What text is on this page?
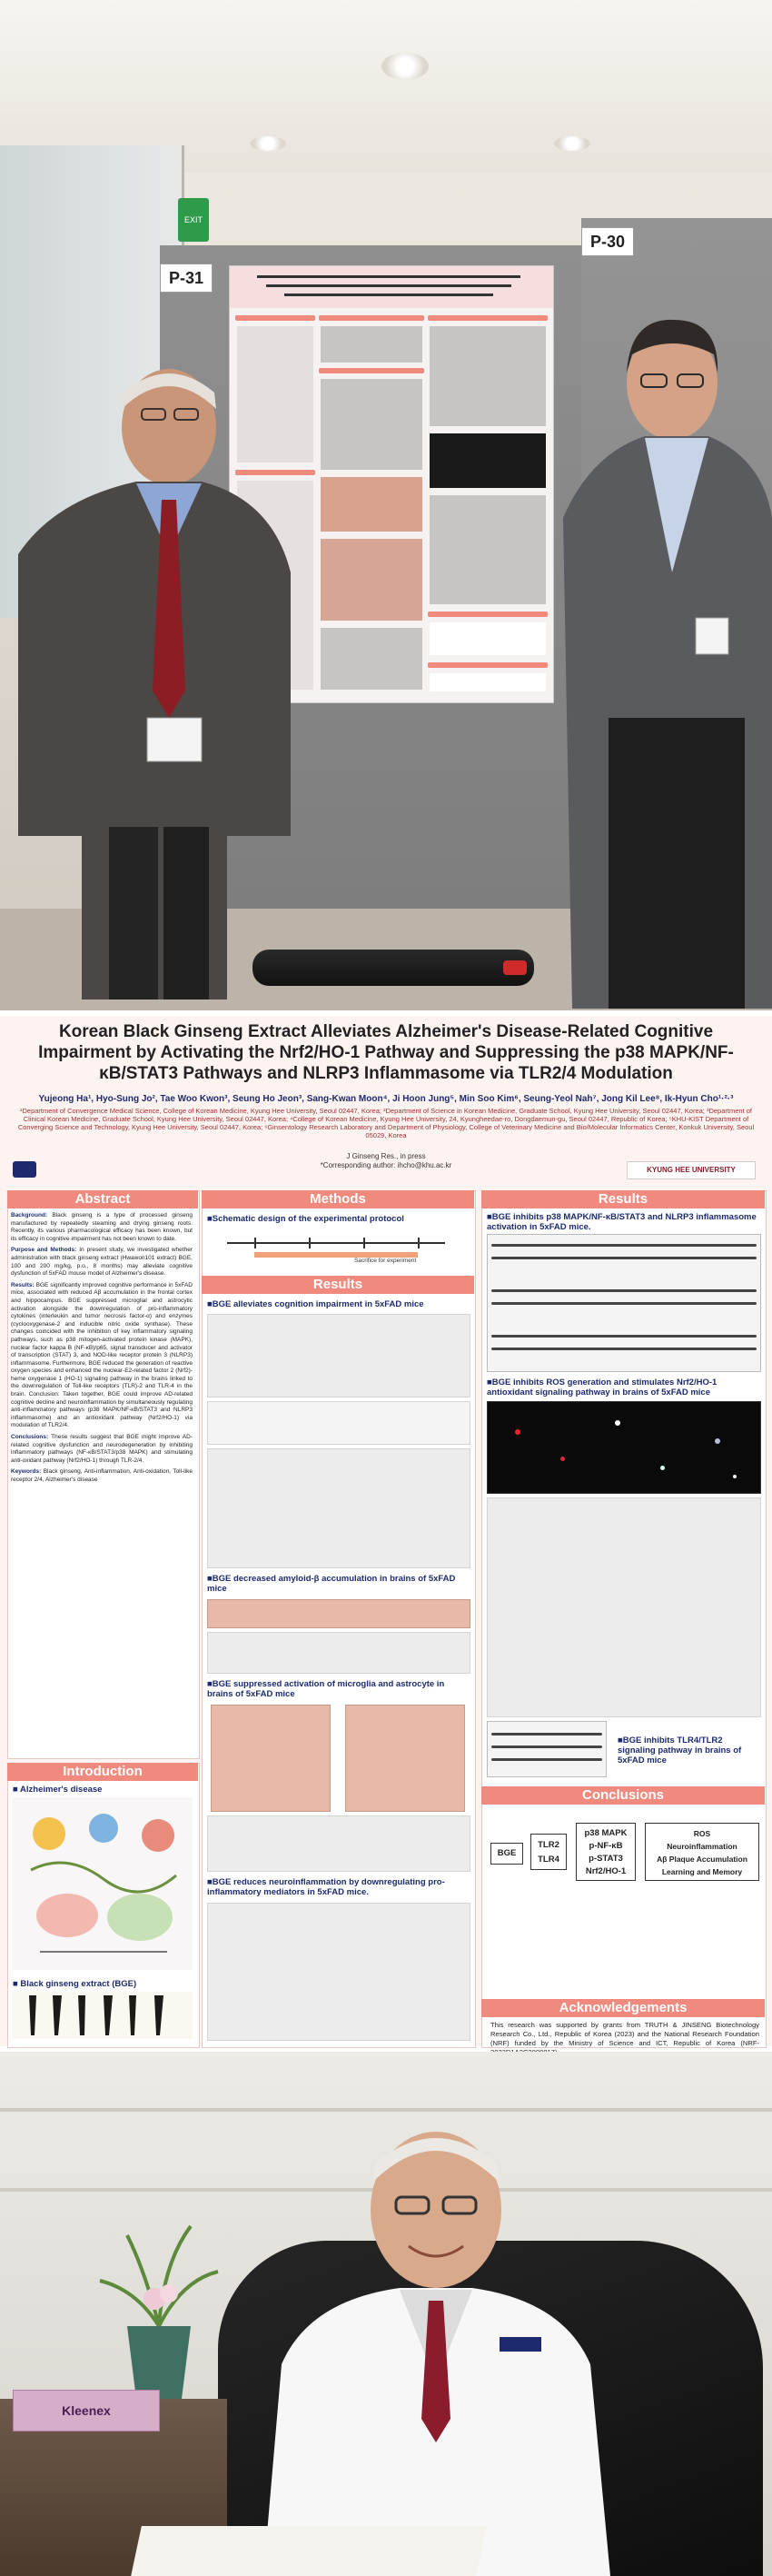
EXIT
P-31
P-30
Korean Black Ginseng Extract Alleviates Alzheimer's Disease-Related Cognitive Impairment by Activating the Nrf2/HO-1 Pathway and Suppressing the p38 MAPK/NF-κB/STAT3 Pathways and NLRP3 Inflammasome via TLR2/4 Modulation
Yujeong Ha¹, Hyo-Sung Jo², Tae Woo Kwon³, Seung Ho Jeon³, Sang-Kwan Moon⁴, Ji Hoon Jung⁵, Min Soo Kim⁶, Seung-Yeol Nah⁷, Jong Kil Lee⁸, Ik-Hyun Cho¹·²·³
¹Department of Convergence Medical Science, College of Korean Medicine, Kyung Hee University, Seoul 02447, Korea; ²Department of Science in Korean Medicine, Graduate School, Kyung Hee University, Seoul 02447, Korea; ³Department of Clinical Korean Medicine, Graduate School, Kyung Hee University, Seoul 02447, Korea; ⁴College of Korean Medicine, Kyung Hee University, 24, Kyungheedae-ro, Dongdaemun-gu, Seoul 02447, Republic of Korea; ⁵KHU-KIST Department of Converging Science and Technology, Kyung Hee University, Seoul 02447, Korea; ⁶Ginsentology Research Laboratory and Department of Physiology, College of Veterinary Medicine and Bio/Molecular Informatics Center, Konkuk University, Seoul 05029, Korea
J Ginseng Res., in press
*Corresponding author: ihcho@khu.ac.kr
KYUNG HEE UNIVERSITY
Abstract

Background: Black ginseng is a type of processed ginseng manufactured by repeatedly steaming and drying ginseng roots. Recently, its various pharmacological efficacy has been known, but its efficacy in cognitive impairment has not been known to date.

Purpose and Methods: In present study, we investigated whether administration with black ginseng extract (Hwawon101 extract) BGE, 100 and 200 mg/kg, p.o., 8 months) may alleviate cognitive dysfunction of 5xFAD mouse model of Alzheimer's disease.

Results: BGE significantly improved cognitive performance in 5xFAD mice, associated with reduced Aβ accumulation in the frontal cortex and hippocampus. BGE suppressed microglial and astrocytic activation alongside the downregulation of pro-inflammatory cytokines (interleukin and tumor necrosis factor-α) and enzymes (cyclooxygenase-2 and inducible nitric oxide synthase). These changes coincided with the inhibition of key inflammatory signaling pathways, such as p38 mitogen-activated protein kinase (MAPK), nuclear factor kappa B (NF-κB)/p65, signal transducer and activator of transcription (STAT) 3, and NOD-like receptor protein 3 (NLRP3) inflammasome. Furthermore, BGE reduced the generation of reactive oxygen species and enhanced the nuclear-E2-related factor 2 (Nrf2)-heme oxygenase 1 (HO-1) signaling pathway in the brains linked to the downregulation of Toll-like receptors (TLR)-2 and TLR-4 in the brain. Conclusion: Taken together, BGE could improve AD-related cognitive decline and neuroinflammation by simultaneously regulating anti-inflammatory pathways (p38 MAPK/NF-κB/STAT3 and NLRP3 inflammasome) and an antioxidant pathway (Nrf2/HO-1) via modulation of TLR2/4.

Conclusions: These results suggest that BGE might improve AD-related cognitive dysfunction and neurodegeneration by inhibiting inflammatory pathways (NF-κB/STAT3/p38 MAPK) and stimulating anti-oxidant pathway (Nrf2/HO-1) through TLR-2/4.

Keywords: Black ginseng, Anti-inflammation, Anti-oxidation, Toll-like receptor 2/4, Alzheimer's disease

Introduction
■ Alzheimer's disease
■ Black ginseng extract (BGE)
Methods
■Schematic design of the experimental protocol
Sacrifice for experiment
Results
■BGE alleviates cognition impairment in 5xFAD mice
■BGE decreased amyloid-β accumulation in brains of 5xFAD mice
■BGE suppressed activation of microglia and astrocyte in brains of 5xFAD mice
■BGE reduces neuroinflammation by downregulating pro-inflammatory mediators in 5xFAD mice.
Results
■BGE inhibits p38 MAPK/NF-κB/STAT3 and NLRP3 inflammasome activation in 5xFAD mice.
■BGE inhibits ROS generation and stimulates Nrf2/HO-1 antioxidant signaling pathway in brains of 5xFAD mice
■BGE inhibits TLR4/TLR2 signaling pathway in brains of 5xFAD mice
Conclusions
BGE
TLR2
TLR4
p38 MAPK
p-NF-κB
p-STAT3
Nrf2/HO-1
ROS
Neuroinflammation
Aβ Plaque Accumulation
Learning and Memory
Acknowledgements
This research was supported by grants from TRUTH & JINSENG Biotechnology Research Co., Ltd., Republic of Korea (2023) and the National Research Foundation (NRF) funded by the Ministry of Science and ICT, Republic of Korea (NRF-
Kleenex
